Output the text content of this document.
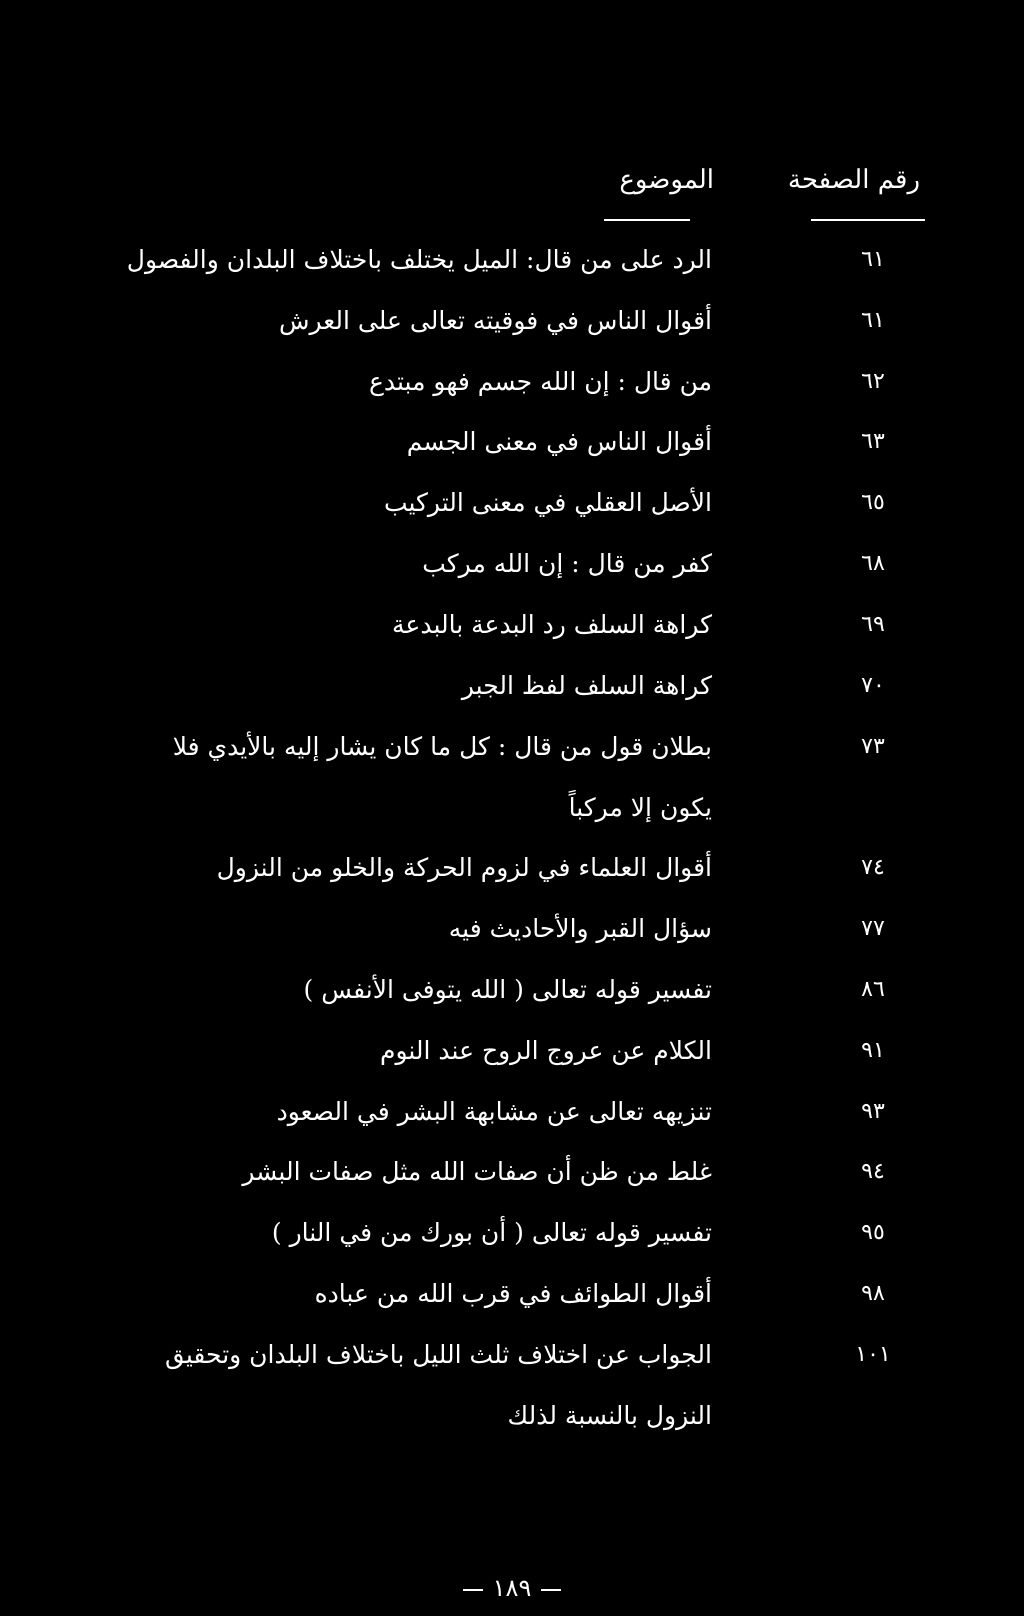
الموضوع	رقم الصفحة
الرد على من قال: الميل يختلف باختلاف البلدان والفصول	٦١
أقوال الناس في فوقيته تعالى على العرش	٦١
من قال : إن الله جسم فهو مبتدع	٦٢
أقوال الناس في معنى الجسم	٦٣
الأصل العقلي في معنى التركيب	٦٥
كفر من قال : إن الله مركب	٦٨
كراهة السلف رد البدعة بالبدعة	٦٩
كراهة السلف لفظ الجبر	٧٠
بطلان قول من قال : كل ما كان يشار إليه بالأيدي فلا	٧٣
يكون إلا مركباً
أقوال العلماء في لزوم الحركة والخلو من النزول	٧٤
سؤال القبر والأحاديث فيه	٧٧
تفسير قوله تعالى ( الله يتوفى الأنفس )	٨٦
الكلام عن عروج الروح عند النوم	٩١
تنزيهه تعالى عن مشابهة البشر في الصعود	٩٣
غلط من ظن أن صفات الله مثل صفات البشر	٩٤
تفسير قوله تعالى ( أن بورك من في النار )	٩٥
أقوال الطوائف في قرب الله من عباده	٩٨
الجواب عن اختلاف ثلث الليل باختلاف البلدان وتحقيق	١٠١
النزول بالنسبة لذلك
١٨٩
